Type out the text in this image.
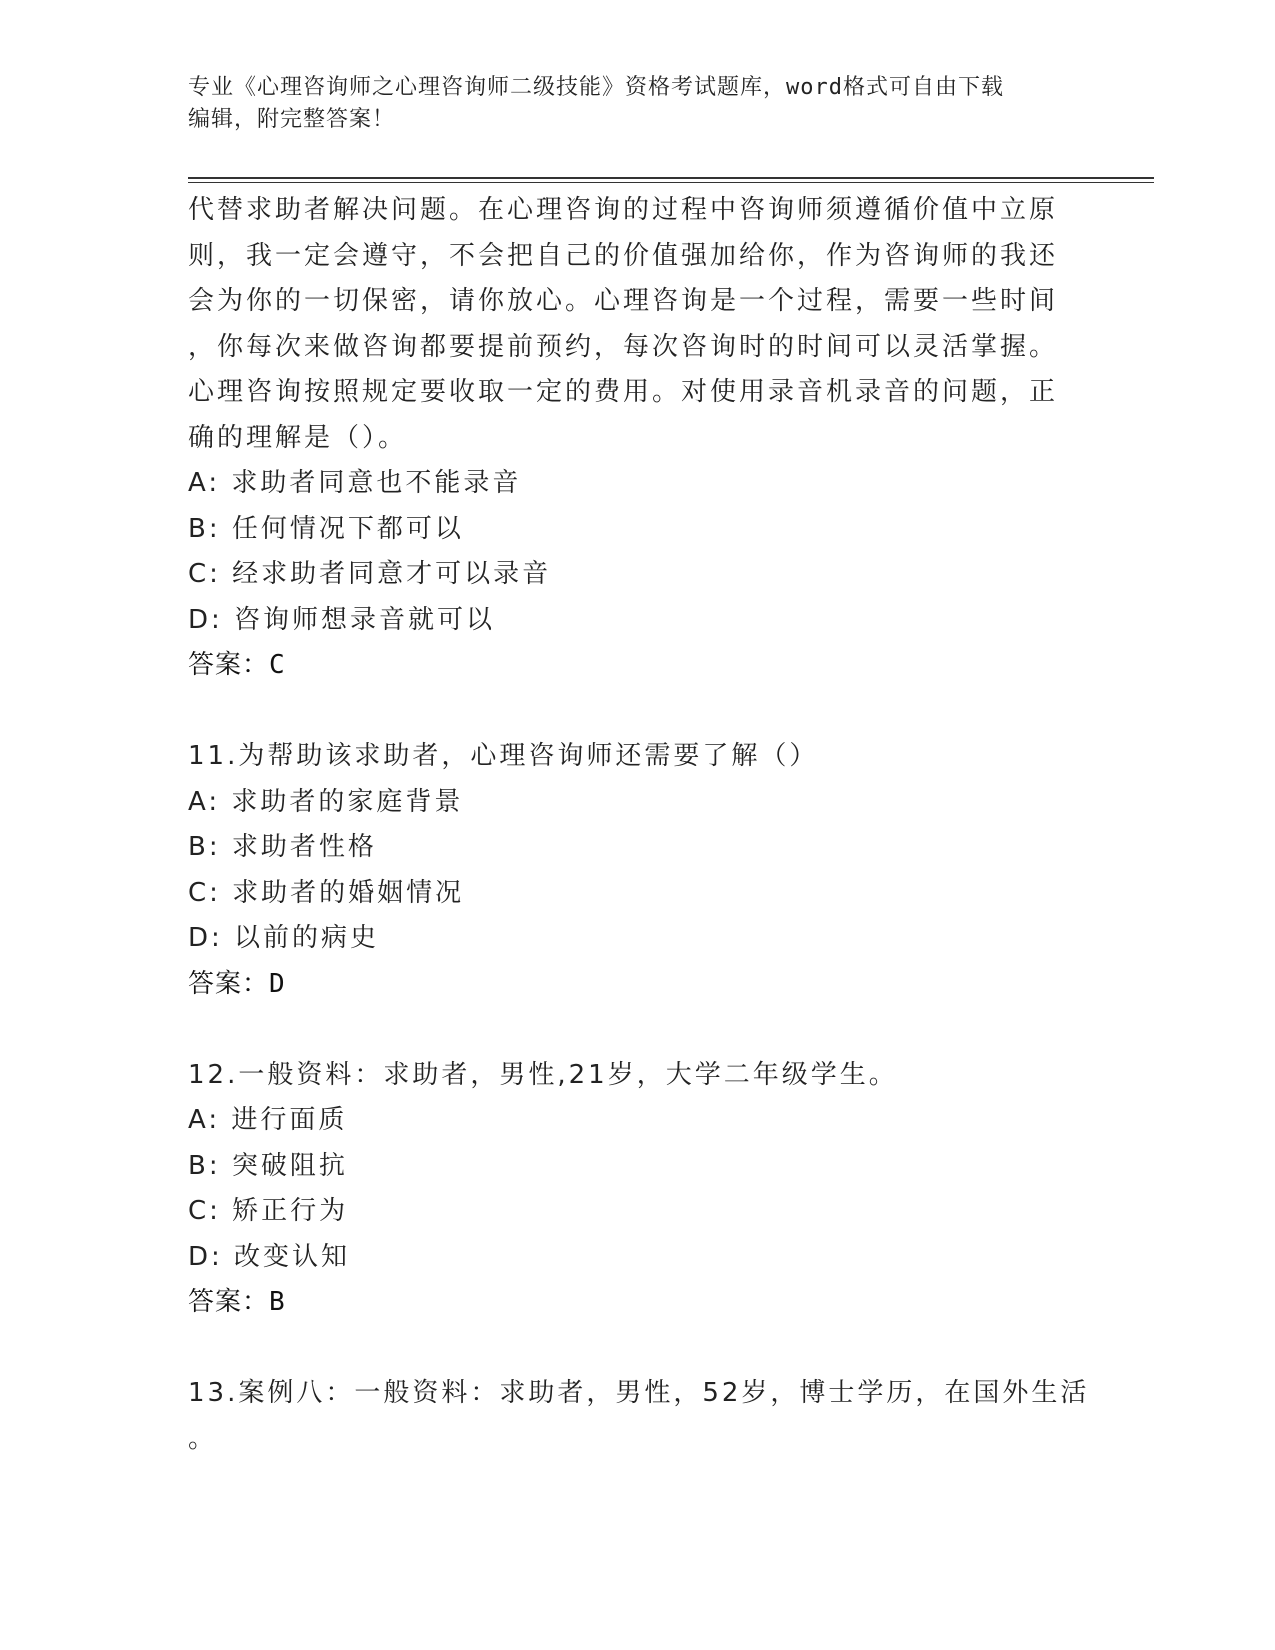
专业《心理咨询师之心理咨询师二级技能》资格考试题库，word格式可自由下载
编辑，附完整答案！
代替求助者解决问题。在心理咨询的过程中咨询师须遵循价值中立原
则，我一定会遵守，不会把自己的价值强加给你，作为咨询师的我还
会为你的一切保密，请你放心。心理咨询是一个过程，需要一些时间
，你每次来做咨询都要提前预约，每次咨询时的时间可以灵活掌握。
心理咨询按照规定要收取一定的费用。对使用录音机录音的问题，正
确的理解是（）。
A: 求助者同意也不能录音
B: 任何情况下都可以
C: 经求助者同意才可以录音
D: 咨询师想录音就可以
答案：C
11.为帮助该求助者，心理咨询师还需要了解（）
A: 求助者的家庭背景
B: 求助者性格
C: 求助者的婚姻情况
D: 以前的病史
答案：D
12.一般资料：求助者，男性,21岁，大学二年级学生。
A: 进行面质
B: 突破阻抗
C: 矫正行为
D: 改变认知
答案：B
13.案例八：一般资料：求助者，男性，52岁，博士学历，在国外生活
。
